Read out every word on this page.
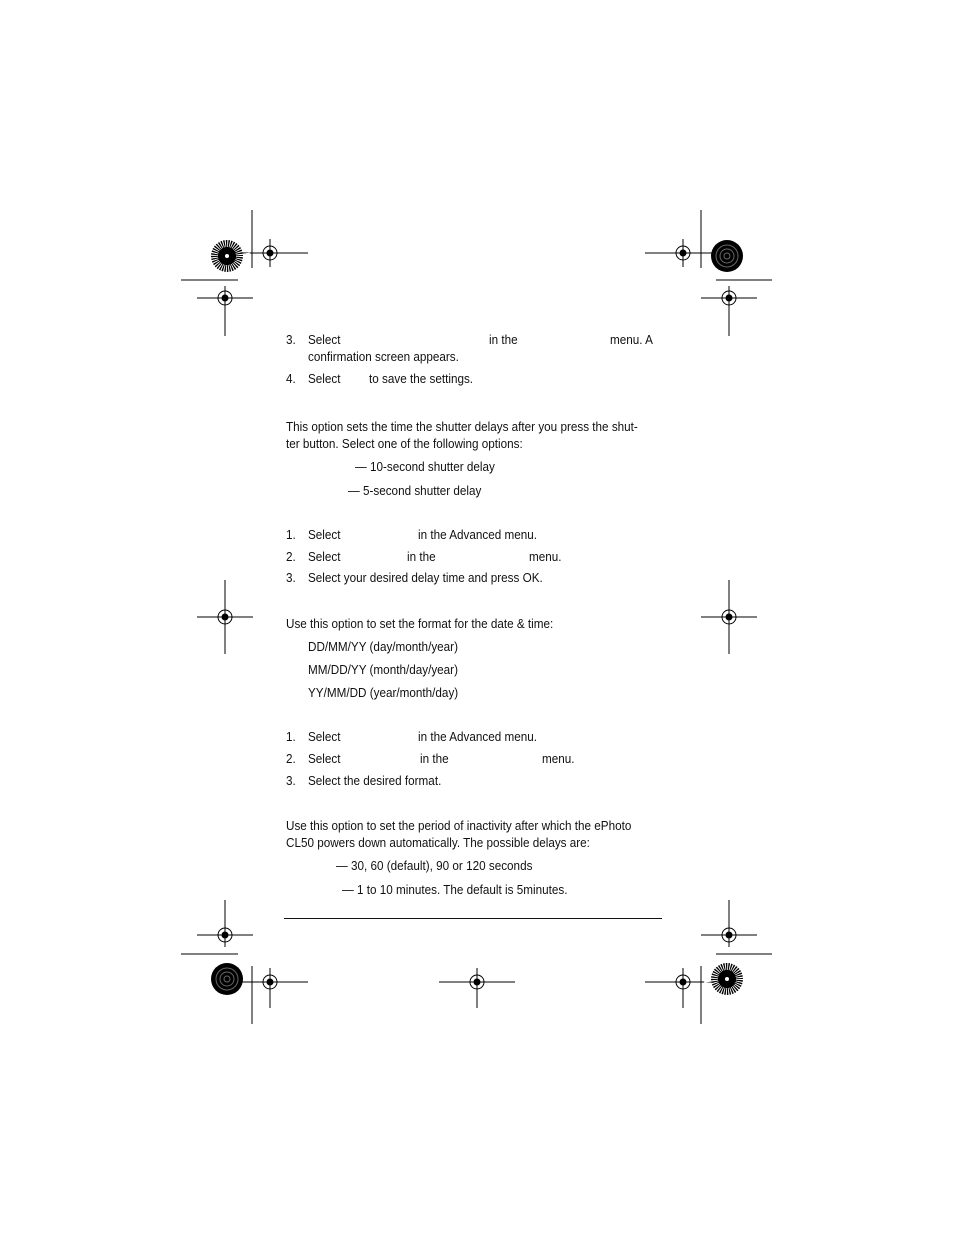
3. Select	in the	menu. A
confirmation screen appears.
4. Select to save the settings.
This option sets the time the shutter delays after you press the shut-
ter button. Select one of the following options:
— 10-second shutter delay
— 5-second shutter delay
1. Select	in the Advanced menu.
2. Select	in the	menu.
3. Select your desired delay time and press OK.
Use this option to set the format for the date & time:
DD/MM/YY (day/month/year)
MM/DD/YY (month/day/year)
YY/MM/DD (year/month/day)
1. Select	in the Advanced menu.
2. Select	in the	menu.
3. Select the desired format.
Use this option to set the period of inactivity after which the ePhoto
CL50 powers down automatically. The possible delays are:
— 30, 60 (default), 90 or 120 seconds
— 1 to 10 minutes. The default is 5minutes.
